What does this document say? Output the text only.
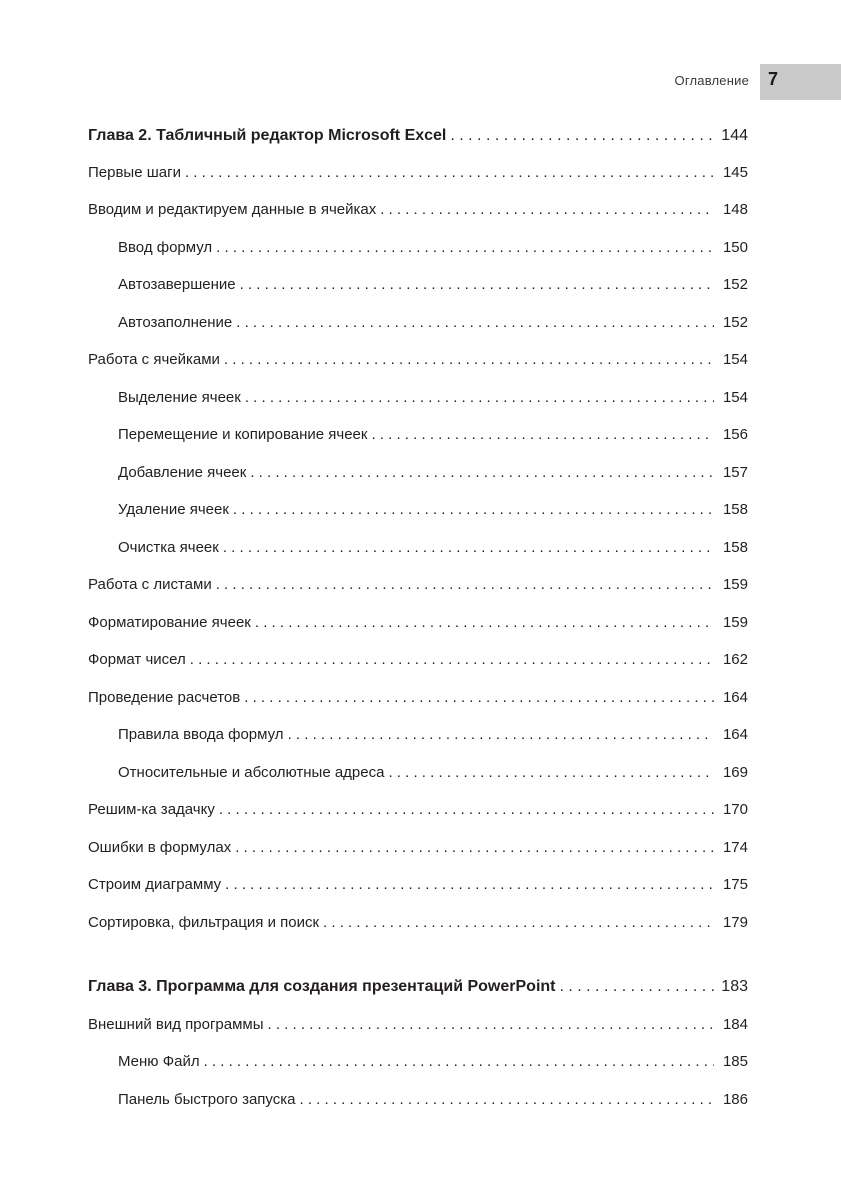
Оглавление 7
Глава 2. Табличный редактор Microsoft Excel . . .	144
Первые шаги . . .	145
Вводим и редактируем данные в ячейках . . .	148
Ввод формул . . .	150
Автозавершение . . .	152
Автозаполнение . . .	152
Работа с ячейками . . .	154
Выделение ячеек . . .	154
Перемещение и копирование ячеек . . .	156
Добавление ячеек . . .	157
Удаление ячеек . . .	158
Очистка ячеек . . .	158
Работа с листами . . .	159
Форматирование ячеек . . .	159
Формат чисел . . .	162
Проведение расчетов . . .	164
Правила ввода формул . . .	164
Относительные и абсолютные адреса . . .	169
Решим-ка задачку . . .	170
Ошибки в формулах . . .	174
Строим диаграмму . . .	175
Сортировка, фильтрация и поиск . . .	179
Глава 3. Программа для создания презентаций PowerPoint . . .	183
Внешний вид программы . . .	184
Меню Файл . . .	185
Панель быстрого запуска . . .	186
